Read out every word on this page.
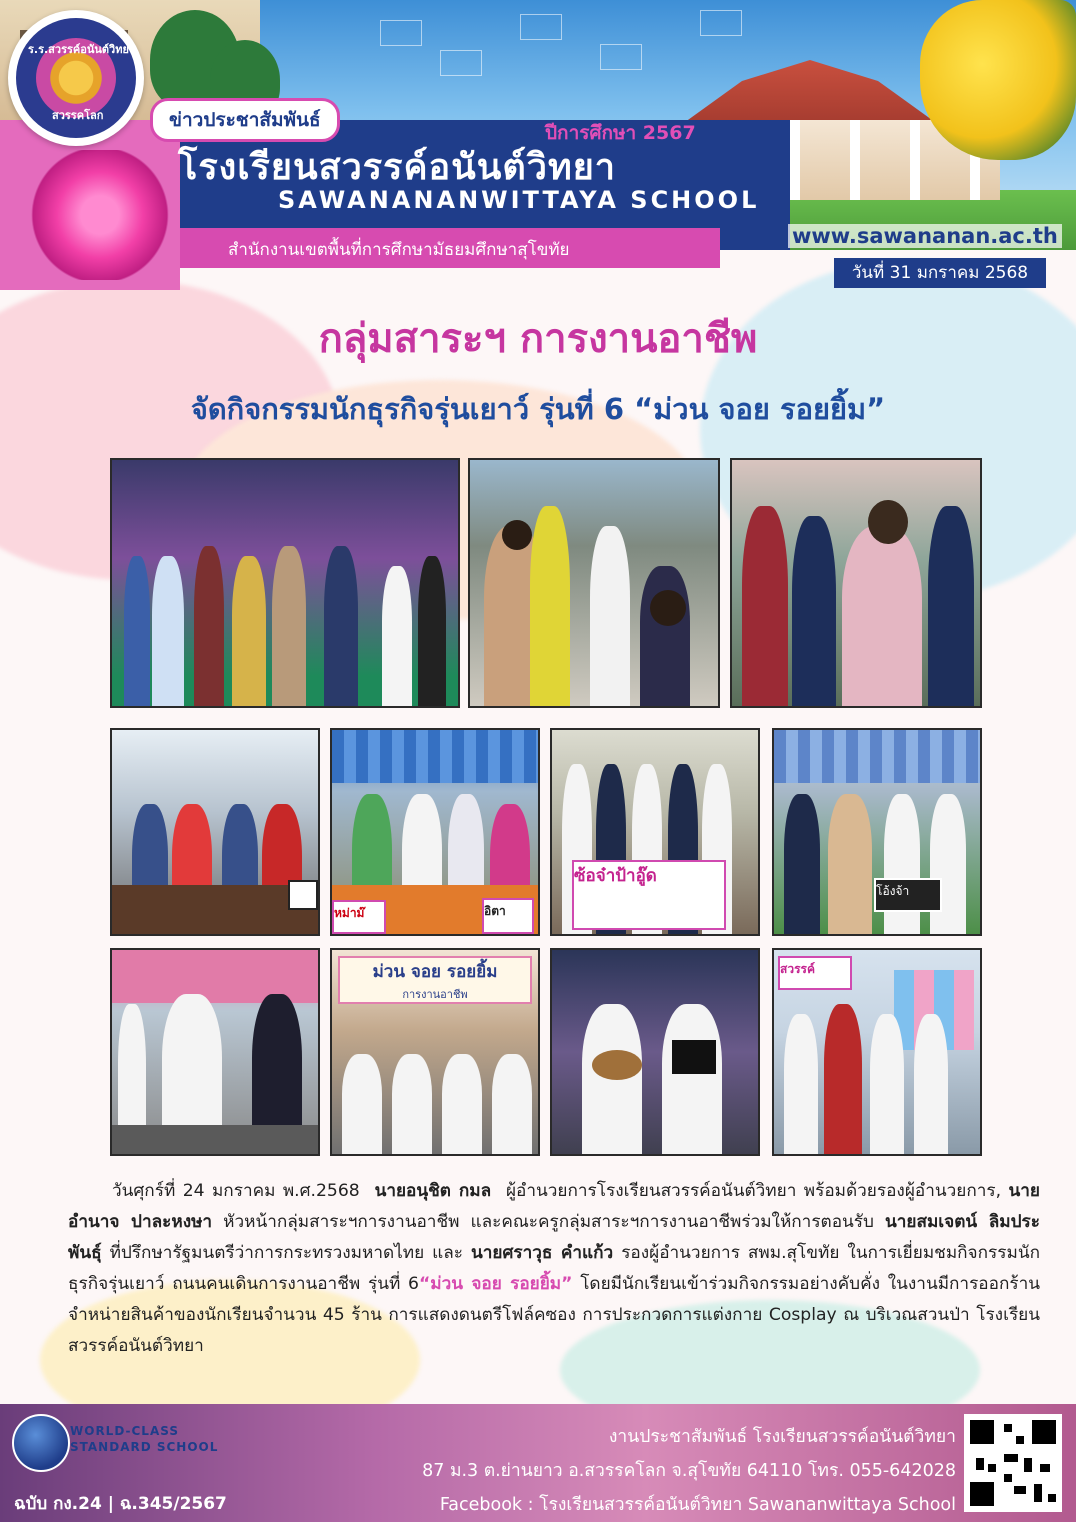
ร.ร.สวรรค์อนันต์วิทยา
สวรรคโลก	ข่าวประชาสัมพันธ์
ปีการศึกษา 2567
โรงเรียนสวรรค์อนันต์วิทยา
SAWANANANWITTAYA SCHOOL
สำนักงานเขตพื้นที่การศึกษามัธยมศึกษาสุโขทัย
www.sawananan.ac.th
วันที่ 31 มกราคม 2568
กลุ่มสาระฯ การงานอาชีพ
จัดกิจกรรมนักธุรกิจรุ่นเยาว์ รุ่นที่ 6 “ม่วน จอย รอยยิ้ม”
หม่าม๊	อิตา
ซ้อจ๋าป้าอู๊ด
โอ้งจ้า
ม่วน จอย รอยยิ้ม
การงานอาชีพ
สวรรค์
วันศุกร์ที่ 24 มกราคม พ.ศ.2568 นายอนุชิต กมล ผู้อำนวยการโรงเรียนสวรรค์อนันต์วิทยา พร้อมด้วยรองผู้อำนวยการ, นายอำนาจ ปาละหงษา หัวหน้ากลุ่มสาระฯการงานอาชีพ และคณะครูกลุ่มสาระฯการงานอาชีพร่วมให้การตอนรับ นายสมเจตน์ ลิมประพันธุ์ ที่ปรึกษารัฐมนตรีว่าการกระทรวงมหาดไทย และ นายศราวุธ คำแก้ว รองผู้อำนวยการ สพม.สุโขทัย ในการเยี่ยมชมกิจกรรมนักธุรกิจรุ่นเยาว์ ถนนคนเดินการงานอาชีพ รุ่นที่ 6“ม่วน จอย รอยยิ้ม” โดยมีนักเรียนเข้าร่วมกิจกรรมอย่างคับคั่ง ในงานมีการออกร้านจำหน่ายสินค้าของนักเรียนจำนวน 45 ร้าน การแสดงดนตรีโฟล์คซอง การประกวดการแต่งกาย Cosplay ณ บริเวณสวนป่า โรงเรียนสวรรค์อนันต์วิทยา
WORLD-CLASS
STANDARD SCHOOL
ฉบับ กง.24 | ฉ.345/2567
งานประชาสัมพันธ์ โรงเรียนสวรรค์อนันต์วิทยา
87 ม.3 ต.ย่านยาว อ.สวรรคโลก จ.สุโขทัย 64110 โทร. 055-642028
Facebook : โรงเรียนสวรรค์อนันต์วิทยา Sawananwittaya School
